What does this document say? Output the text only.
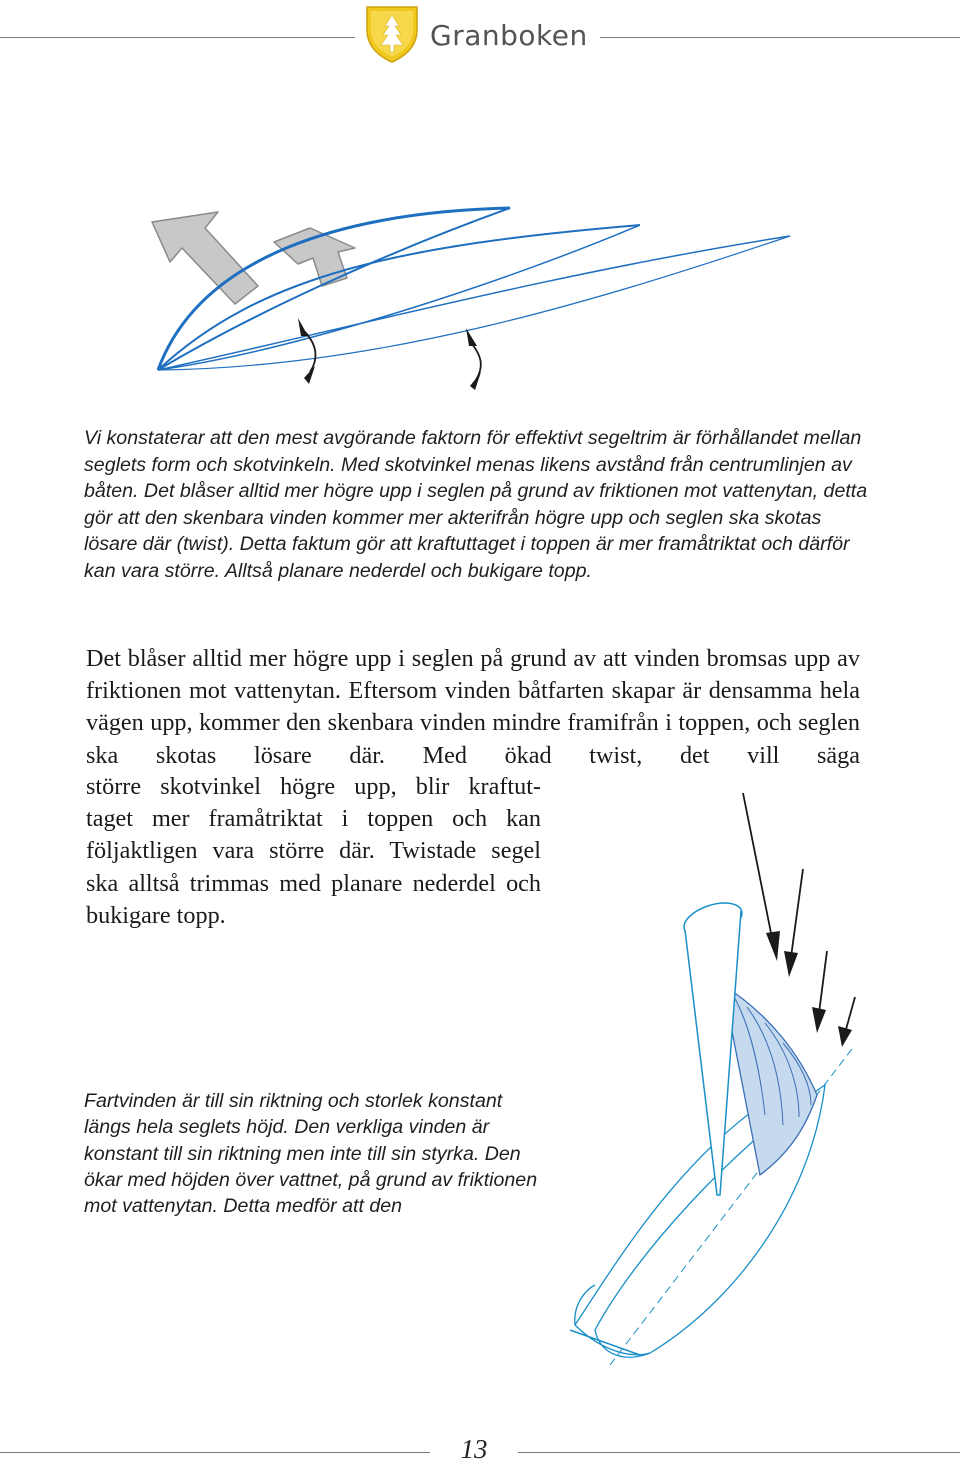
Granboken

Vi konstaterar att den mest avgörande faktorn för effektivt segeltrim är förhållandet mellan seglets form och skotvinkeln. Med skotvinkel menas likens avstånd från centrumlinjen av båten. Det blåser alltid mer högre upp i seglen på grund av friktionen mot vattenytan, detta gör att den skenbara vinden kommer mer akterifrån högre upp och seglen ska skotas lösare där (twist). Detta faktum gör att kraftuttaget i toppen är mer framåtriktat och därför kan vara större. Alltså planare nederdel och bukigare topp.

Det blåser alltid mer högre upp i seglen på grund av att vinden bromsas upp av friktionen mot vattenytan. Eftersom vinden båtfarten skapar är densamma hela vägen upp, kommer den skenbara vinden mindre framifrån i toppen, och seglen ska skotas lösare där. Med ökad twist, det vill säga

större skotvinkel högre upp, blir kraftut-
taget mer framåtriktat i toppen och kan
följaktligen vara större där. Twistade segel
ska alltså trimmas med planare nederdel och
bukigare topp.

Fartvinden är till sin riktning och storlek konstant längs hela seglets höjd. Den verkliga vinden är konstant till sin riktning men inte till sin styrka. Den ökar med höjden över vattnet, på grund av friktionen mot vattenytan. Detta medför att den

13
